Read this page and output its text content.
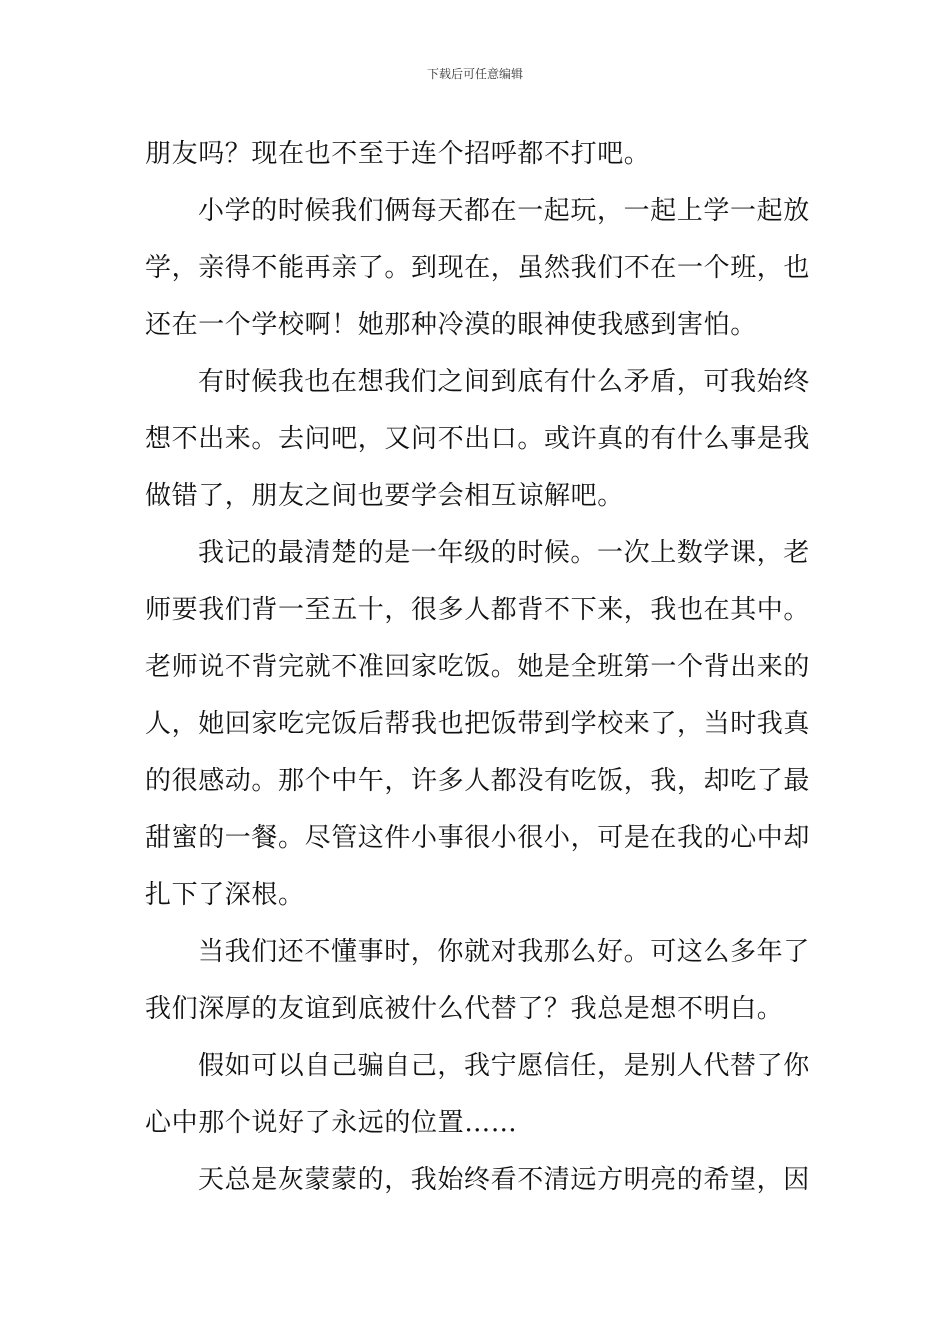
下载后可任意编辑
朋友吗？现在也不至于连个招呼都不打吧。
小学的时候我们俩每天都在一起玩，一起上学一起放
学，亲得不能再亲了。到现在，虽然我们不在一个班，也
还在一个学校啊！她那种冷漠的眼神使我感到害怕。
有时候我也在想我们之间到底有什么矛盾，可我始终
想不出来。去问吧，又问不出口。或许真的有什么事是我
做错了，朋友之间也要学会相互谅解吧。
我记的最清楚的是一年级的时候。一次上数学课，老
师要我们背一至五十，很多人都背不下来，我也在其中。
老师说不背完就不准回家吃饭。她是全班第一个背出来的
人，她回家吃完饭后帮我也把饭带到学校来了，当时我真
的很感动。那个中午，许多人都没有吃饭，我，却吃了最
甜蜜的一餐。尽管这件小事很小很小，可是在我的心中却
扎下了深根。
当我们还不懂事时，你就对我那么好。可这么多年了
我们深厚的友谊到底被什么代替了？我总是想不明白。
假如可以自己骗自己，我宁愿信任，是别人代替了你
心中那个说好了永远的位置……
天总是灰蒙蒙的，我始终看不清远方明亮的希望，因
